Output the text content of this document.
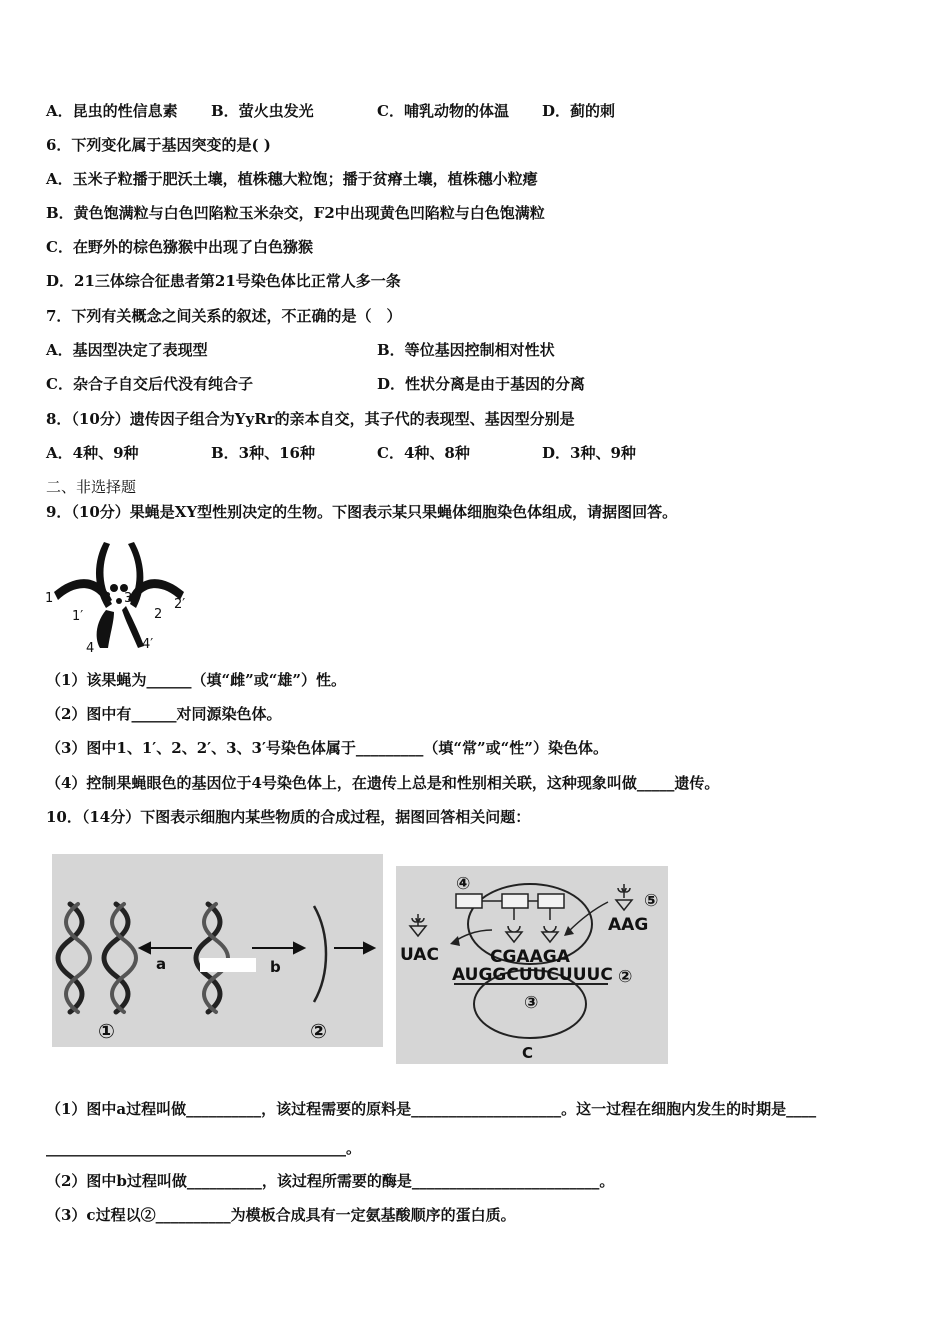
A．昆虫的性信息素 B．萤火虫发光	C．哺乳动物的体温 D．蓟的刺
6．下列变化属于基因突变的是( )
A．玉米子粒播于肥沃土壤，植株穗大粒饱；播于贫瘠土壤，植株穗小粒瘪
B．黄色饱满粒与白色凹陷粒玉米杂交，F2中出现黄色凹陷粒与白色饱满粒
C．在野外的棕色猕猴中出现了白色猕猴
D．21三体综合征患者第21号染色体比正常人多一条
7．下列有关概念之间关系的叙述，不正确的是（　）
A．基因型决定了表现型	B．等位基因控制相对性状
C．杂合子自交后代没有纯合子	D．性状分离是由于基因的分离
8．（10分）遗传因子组合为YyRr的亲本自交，其子代的表现型、基因型分别是
A．4种、9种	B．3种、16种	C．4种、8种	D．3种、9种
二、非选择题
9．（10分）果蝇是XY型性别决定的生物。下图表示某只果蝇体细胞染色体组成，请据图回答。
1
1′
3 3′
2
2′
4	4′
（1）该果蝇为______（填“雌”或“雄”）性。
（2）图中有______对同源染色体。
（3）图中1、1′、2、2′、3、3′号染色体属于_________（填“常”或“性”）染色体。
（4）控制果蝇眼色的基因位于4号染色体上，在遗传上总是和性别相关联，这种现象叫做_____遗传。
10．（14分）下图表示细胞内某些物质的合成过程，据图回答相关问题：
a	b
①	②
④
⑤
UAC
AAG
CGAAGA
AUGGCUUCUUUC ②
③
C
（1）图中a过程叫做__________，该过程需要的原料是____________________。这一过程在细胞内发生的时期是____
________________________________________。
（2）图中b过程叫做__________，该过程所需要的酶是_________________________。
（3）c过程以②__________为模板合成具有一定氨基酸顺序的蛋白质。
